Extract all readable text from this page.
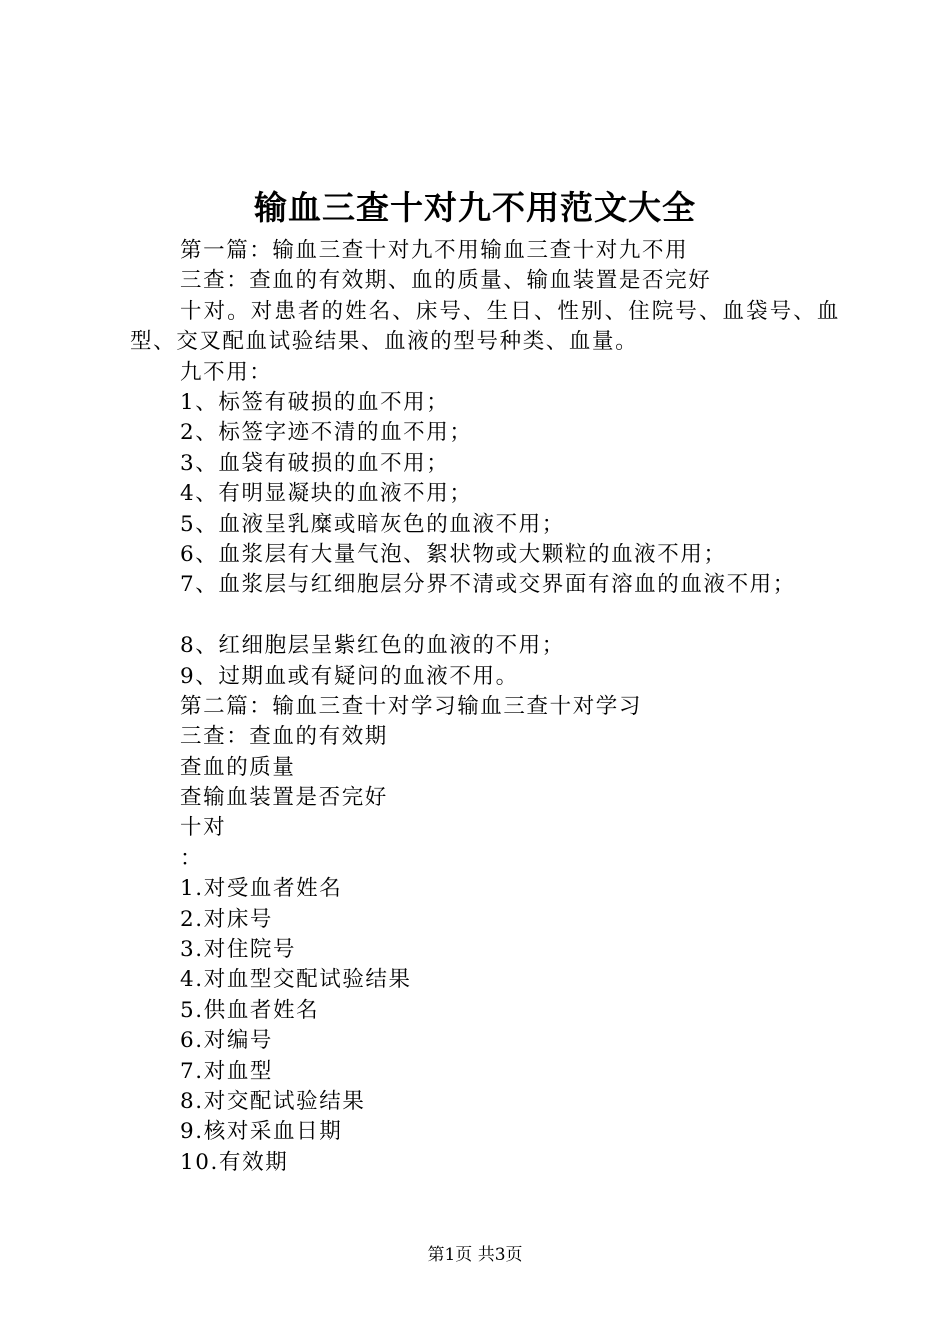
输血三查十对九不用范文大全
第一篇：输血三查十对九不用输血三查十对九不用
三查：查血的有效期、血的质量、输血装置是否完好
十对。对患者的姓名、床号、生日、性别、住院号、血袋号、血型、交叉配血试验结果、血液的型号种类、血量。
九不用：
1、标签有破损的血不用；
2、标签字迹不清的血不用；
3、血袋有破损的血不用；
4、有明显凝块的血液不用；
5、血液呈乳糜或暗灰色的血液不用；
6、血浆层有大量气泡、絮状物或大颗粒的血液不用；
7、血浆层与红细胞层分界不清或交界面有溶血的血液不用；
8、红细胞层呈紫红色的血液的不用；
9、过期血或有疑问的血液不用。
第二篇：输血三查十对学习输血三查十对学习
三查：查血的有效期
查血的质量
查输血装置是否完好
十对
：
1.对受血者姓名
2.对床号
3.对住院号
4.对血型交配试验结果
5.供血者姓名
6.对编号
7.对血型
8.对交配试验结果
9.核对采血日期
10.有效期
第1页 共3页
